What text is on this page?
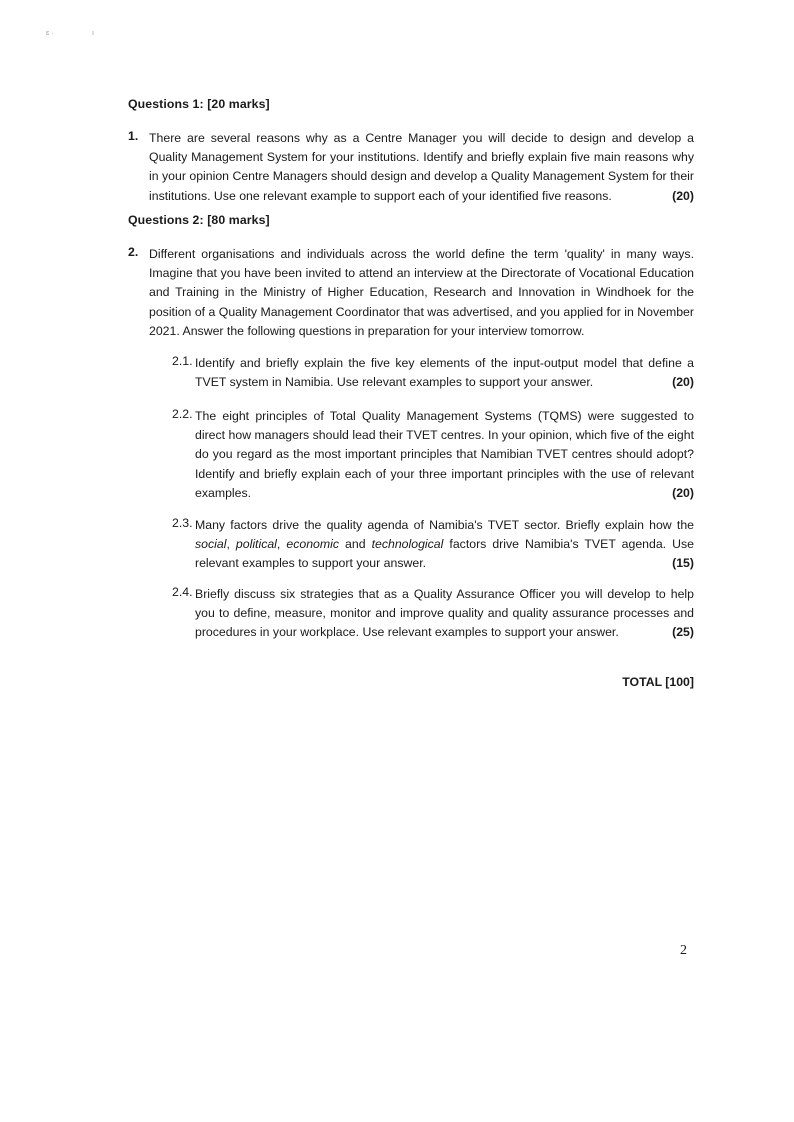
ɛ ·	ı
Questions 1: [20 marks]
1. There are several reasons why as a Centre Manager you will decide to design and develop a Quality Management System for your institutions. Identify and briefly explain five main reasons why in your opinion Centre Managers should design and develop a Quality Management System for their institutions. Use one relevant example to support each of your identified five reasons.	(20)
Questions 2: [80 marks]
2. Different organisations and individuals across the world define the term 'quality' in many ways. Imagine that you have been invited to attend an interview at the Directorate of Vocational Education and Training in the Ministry of Higher Education, Research and Innovation in Windhoek for the position of a Quality Management Coordinator that was advertised, and you applied for in November 2021. Answer the following questions in preparation for your interview tomorrow.
2.1. Identify and briefly explain the five key elements of the input-output model that define a TVET system in Namibia. Use relevant examples to support your answer.	(20)
2.2. The eight principles of Total Quality Management Systems (TQMS) were suggested to direct how managers should lead their TVET centres. In your opinion, which five of the eight do you regard as the most important principles that Namibian TVET centres should adopt? Identify and briefly explain each of your three important principles with the use of relevant examples.	(20)
2.3. Many factors drive the quality agenda of Namibia's TVET sector. Briefly explain how the social, political, economic and technological factors drive Namibia's TVET agenda. Use relevant examples to support your answer.	(15)
2.4. Briefly discuss six strategies that as a Quality Assurance Officer you will develop to help you to define, measure, monitor and improve quality and quality assurance processes and procedures in your workplace. Use relevant examples to support your answer.	(25)
TOTAL [100]
2
